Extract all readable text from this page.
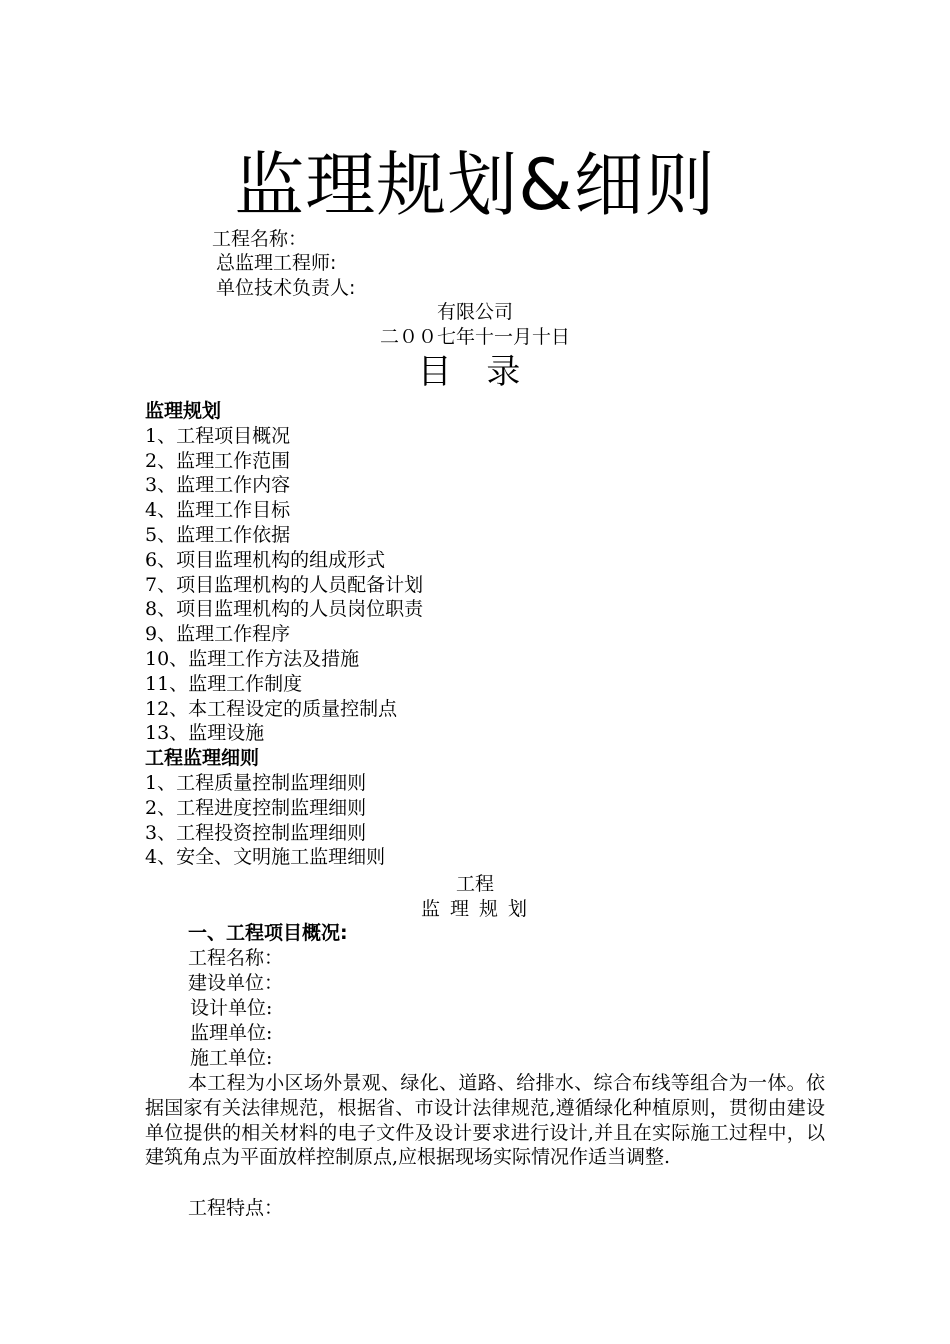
监理规划&细则
工程名称：
总监理工程师:
单位技术负责人:
有限公司
二００七年十一月十日
目 录
监理规划
1、工程项目概况
2、监理工作范围
3、监理工作内容
4、监理工作目标
5、监理工作依据
6、项目监理机构的组成形式
7、项目监理机构的人员配备计划
8、项目监理机构的人员岗位职责
9、监理工作程序
10、监理工作方法及措施
11、监理工作制度
12、本工程设定的质量控制点
13、监理设施
工程监理细则
1、工程质量控制监理细则
2、工程进度控制监理细则
3、工程投资控制监理细则
4、安全、文明施工监理细则
工程
监 理 规 划
一、工程项目概况:
工程名称：
建设单位：
设计单位:
监理单位:
施工单位:
本工程为小区场外景观、绿化、道路、给排水、综合布线等组合为一体。依据国家有关法律规范，根据省、市设计法律规范,遵循绿化种植原则，贯彻由建设单位提供的相关材料的电子文件及设计要求进行设计,并且在实际施工过程中，以建筑角点为平面放样控制原点,应根据现场实际情况作适当调整.
工程特点：
